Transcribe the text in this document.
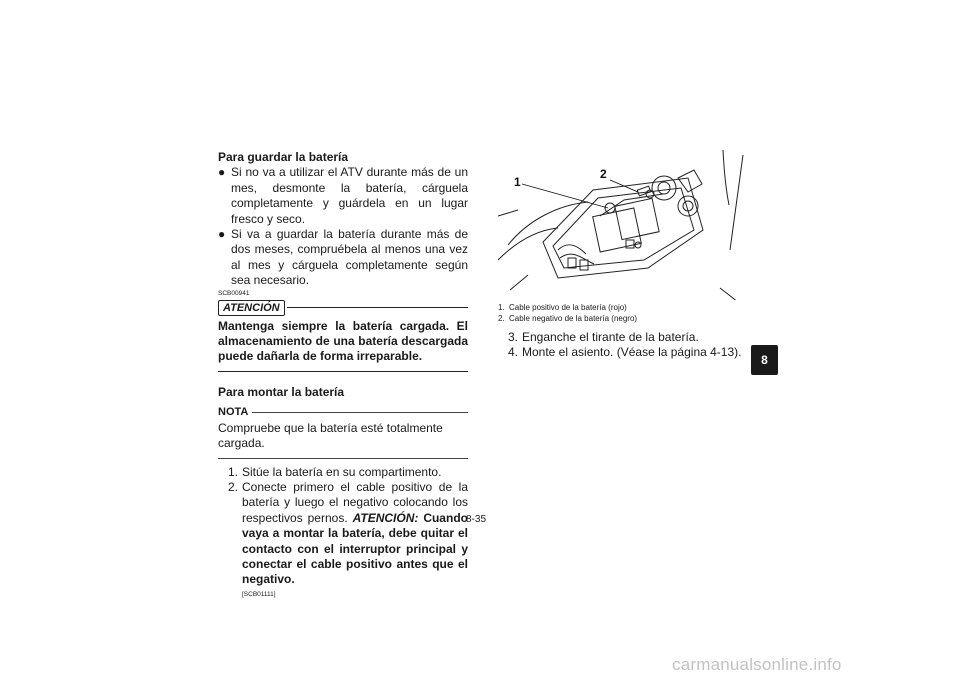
Para guardar la batería
● Si no va a utilizar el ATV durante más de un mes, desmonte la batería, cárguela completamente y guárdela en un lugar fresco y seco.
● Si va a guardar la batería durante más de dos meses, compruébela al menos una vez al mes y cárguela completamente según sea necesario.
SCB00941
ATENCIÓN
Mantenga siempre la batería cargada. El almacenamiento de una batería descargada puede dañarla de forma irreparable.
Para montar la batería
NOTA
Compruebe que la batería esté totalmente cargada.
1. Sitúe la batería en su compartimento.
2. Conecte primero el cable positivo de la batería y luego el negativo colocando los respectivos pernos. ATENCIÓN: Cuando vaya a montar la batería, debe quitar el contacto con el interruptor principal y conectar el cable positivo antes que el negativo.
[SCB01111]
1
2
1. Cable positivo de la batería (rojo)
2. Cable negativo de la batería (negro)
3. Enganche el tirante de la batería.
4. Monte el asiento. (Véase la página 4-13).
8
8-35
carmanualsonline.info
